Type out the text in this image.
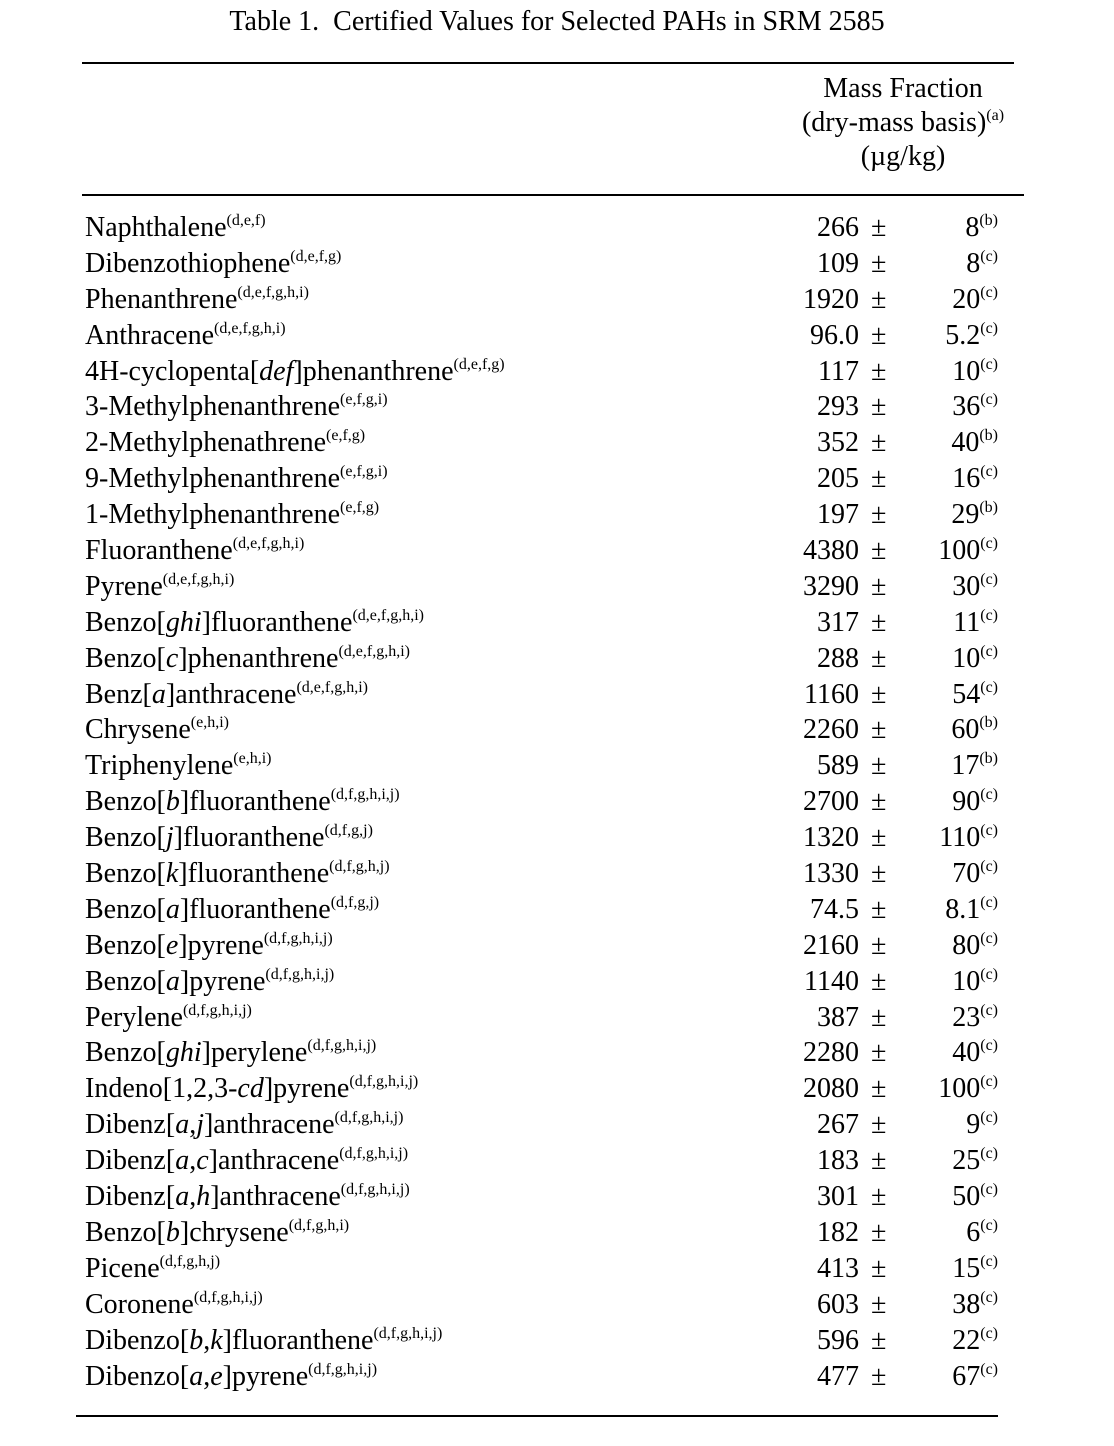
Table 1.  Certified Values for Selected PAHs in SRM 2585
Mass Fraction
(dry-mass basis)$^{(a)}$
(µg/kg)
Naphthalene$^{(d,e,f)}$	266 ±	$8^{(b)}$
Dibenzothiophene$^{(d,e,f,g)}$	109 ±	$8^{(c)}$
Phenanthrene$^{(d,e,f,g,h,i)}$	$1920 \pm 20^{(c)}$
Anthracene$^{(d,e,f,g,h,i)}$	$96.0 \pm 5.2^{(c)}$
4H-cyclopenta[def]phenanthrene$^{(d,e,f,g)}$	$117 \pm 10^{(c)}$
3-Methylphenanthrene$^{(e,f,g,i)}$	$293 \pm 36^{(c)}$
2-Methylphenathrene$^{(e,f,g)}$	$352 \pm 40^{(b)}$
9-Methylphenanthrene$^{(e,f,g,i)}$	$205 \pm 16^{(c)}$
1-Methylphenanthrene$^{(e,f,g)}$	$197 \pm 29^{(b)}$
Fluoranthene$^{(d,e,f,g,h,i)}$	$4380 \pm 100^{(c)}$
Pyrene$^{(d,e,f,g,h,i)}$	$3290 \pm 30^{(c)}$
Benzo[ghi]fluoranthene$^{(d,e,f,g,h,i)}$	$317 \pm 11^{(c)}$
Benzo[c]phenanthrene$^{(d,e,f,g,h,i)}$	$288 \pm 10^{(c)}$
Benz[a]anthracene$^{(d,e,f,g,h,i)}$	$1160 \pm 54^{(c)}$
Chrysene$^{(e,h,i)}$	$2260 \pm 60^{(b)}$
Triphenylene$^{(e,h,i)}$	$589 \pm 17^{(b)}$
Benzo[b]fluoranthene$^{(d,f,g,h,i,j)}$	$2700 \pm 90^{(c)}$
Benzo[j]fluoranthene$^{(d,f,g,j)}$	$1320 \pm 110^{(c)}$
Benzo[k]fluoranthene$^{(d,f,g,h,j)}$	$1330 \pm 70^{(c)}$
Benzo[a]fluoranthene$^{(d,f,g,j)}$	$74.5 \pm 8.1^{(c)}$
Benzo[e]pyrene$^{(d,f,g,h,i,j)}$	$2160 \pm 80^{(c)}$
Benzo[a]pyrene$^{(d,f,g,h,i,j)}$	$1140 \pm 10^{(c)}$
Perylene$^{(d,f,g,h,i,j)}$	$387 \pm 23^{(c)}$
Benzo[ghi]perylene$^{(d,f,g,h,i,j)}$	$2280 \pm 40^{(c)}$
Indeno[1,2,3-cd]pyrene$^{(d,f,g,h,i,j)}$	$2080 \pm 100^{(c)}$
Dibenz[a,j]anthracene$^{(d,f,g,h,i,j)}$	267 ±	$9^{(c)}$
Dibenz[a,c]anthracene$^{(d,f,g,h,i,j)}$	$183 \pm 25^{(c)}$
Dibenz[a,h]anthracene$^{(d,f,g,h,i,j)}$	$301 \pm 50^{(c)}$
Benzo[b]chrysene$^{(d,f,g,h,i)}$	182 ±	$6^{(c)}$
Picene$^{(d,f,g,h,j)}$	$413 \pm 15^{(c)}$
Coronene$^{(d,f,g,h,i,j)}$	$603 \pm 38^{(c)}$
Dibenzo[b,k]fluoranthene$^{(d,f,g,h,i,j)}$	$596 \pm 22^{(c)}$
Dibenzo[a,e]pyrene$^{(d,f,g,h,i,j)}$	$477 \pm 67^{(c)}$
